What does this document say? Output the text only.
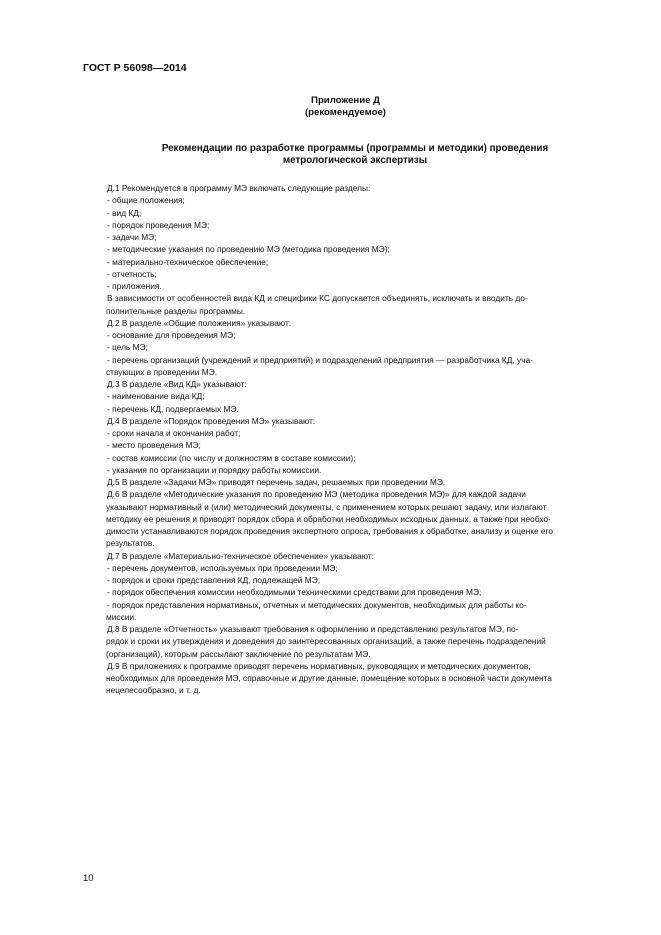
ГОСТ Р 56098—2014
Приложение Д
(рекомендуемое)
Рекомендации по разработке программы (программы и методики) проведения
метрологической экспертизы

Д.1 Рекомендуется в программу МЭ включать следующие разделы:

- общие положения;

- вид КД;

- порядок проведения МЭ;

- задачи МЭ;

- методические указания по проведению МЭ (методика проведения МЭ);

- материально-техническое обеспечение;

- отчетность;

- приложения.

В зависимости от особенностей вида КД и специфики КС допускается объединять, исключать и вводить до-

полнительные разделы программы.

Д.2 В разделе «Общие положения» указывают:

- основание для проведения МЭ;

- цель МЭ;

- перечень организаций (учреждений и предприятий) и подразделений предприятия — разработчика КД, уча-

ствующих в проведении МЭ.

Д.3 В разделе «Вид КД» указывают:

- наименование вида КД;

- перечень КД, подвергаемых МЭ.

Д.4 В разделе «Порядок проведения МЭ» указывают:

- сроки начала и окончания работ;

- место проведения МЭ;

- состав комиссии (по числу и должностям в составе комиссии);

- указания по организации и порядку работы комиссии.

Д.5 В разделе «Задачи МЭ» приводят перечень задач, решаемых при проведении МЭ.

Д.6 В разделе «Методические указания по проведению МЭ (методика проведения МЭ)» для каждой задачи

указывают нормативный и (или) методический документы, с применением которых решают задачу, или излагают

методику ее решения и приводят порядок сбора и обработки необходимых исходных данных, а также при необхо-

димости устанавливаются порядок проведения экспертного опроса, требования к обработке, анализу и оценке его

результатов.

Д.7 В разделе «Материально-техническое обеспечение» указывают:

- перечень документов, используемых при проведении МЭ;

- порядок и сроки представления КД, подлежащей МЭ;

- порядок обеспечения комиссии необходимыми техническими средствами для проведения МЭ;

- порядок представления нормативных, отчетных и методических документов, необходимых для работы ко-

миссии.

Д.8 В разделе «Отчетность» указывают требования к оформлению и представлению результатов МЭ, по-

рядок и сроки их утверждения и доведения до заинтересованных организаций, а также перечень подразделений

(организаций), которым рассылают заключение по результатам МЭ.

Д.9 В приложениях к программе приводят перечень нормативных, руководящих и методических документов,

необходимых для проведения МЭ, справочные и другие данные, помещение которых в основной части документа

нецелесообразно, и т. д.

10
